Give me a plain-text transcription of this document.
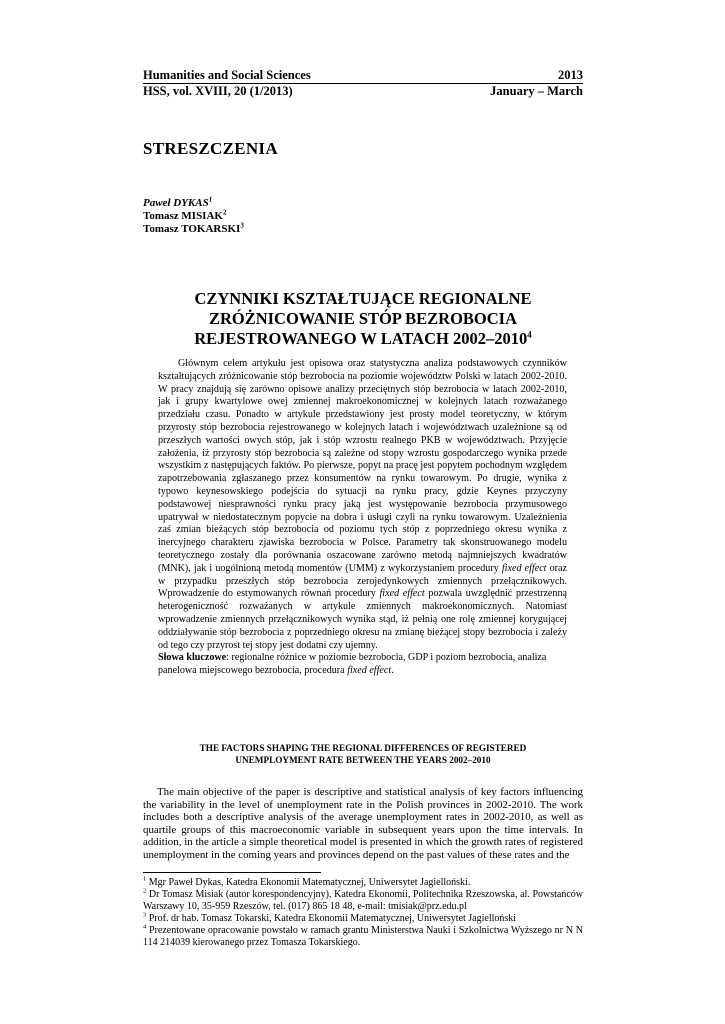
Humanities and Social Sciences	2013
HSS, vol. XVIII, 20 (1/2013)	January – March
STRESZCZENIA
Paweł DYKAS$^1$
Tomasz MISIAK$^2$
Tomasz TOKARSKI$^3$
CZYNNIKI KSZTAŁTUJĄCE REGIONALNE
ZRÓŻNICOWANIE STÓP BEZROBOCIA
REJESTROWANEGO W LATACH 2002–2010$^4$

Głównym celem artykułu jest opisowa oraz statystyczna analiza podstawowych czynników kształtujących zróżnicowanie stóp bezrobocia na poziomie województw Polski w latach 2002-2010. W pracy znajdują się zarówno opisowe analizy przeciętnych stóp bezrobocia w latach 2002-2010, jak i grupy kwartylowe owej zmiennej makroekonomicznej w kolejnych latach rozważanego przedziału czasu. Ponadto w artykule przedstawiony jest prosty model teoretyczny, w którym przyrosty stóp bezrobocia rejestrowanego w kolejnych latach i województwach uzależnione są od przeszłych wartości owych stóp, jak i stóp wzrostu realnego PKB w województwach. Przyjęcie założenia, iż przyrosty stóp bezrobocia są zależne od stopy wzrostu gospodarczego wynika przede wszystkim z następujących faktów. Po pierwsze, popyt na pracę jest popytem pochodnym względem zapotrzebowania zgłaszanego przez konsumentów na rynku towarowym. Po drugie, wynika z typowo keynesowskiego podejścia do sytuacji na rynku pracy, gdzie Keynes przyczyny podstawowej niesprawności rynku pracy jaką jest występowanie bezrobocia przymusowego upatrywał w niedostatecznym popycie na dobra i usługi czyli na rynku towarowym. Uzależnienia zaś zmian bieżących stóp bezrobocia od poziomu tych stóp z poprzedniego okresu wynika z inercyjnego charakteru zjawiska bezrobocia w Polsce. Parametry tak skonstruowanego modelu teoretycznego zostały dla porównania oszacowane zarówno metodą najmniejszych kwadratów (MNK), jak i uogólnioną metodą momentów (UMM) z wykorzystaniem procedury fixed effect oraz w przypadku przeszłych stóp bezrobocia zerojedynkowych zmiennych przełącznikowych. Wprowadzenie do estymowanych równań procedury fixed effect pozwala uwzględnić przestrzenną heterogeniczność rozważanych w artykule zmiennych makroekonomicznych. Natomiast wprowadzenie zmiennych przełącznikowych wynika stąd, iż pełnią one rolę zmiennej korygującej oddziaływanie stóp bezrobocia z poprzedniego okresu na zmianę bieżącej stopy bezrobocia i zależy od tego czy przyrost tej stopy jest dodatni czy ujemny.

Słowa kluczowe: regionalne różnice w poziomie bezrobocia, GDP i poziom bezrobocia, analiza panelowa miejscowego bezrobocia, procedura fixed effect.

THE FACTORS SHAPING THE REGIONAL DIFFERENCES OF REGISTERED
UNEMPLOYMENT RATE BETWEEN THE YEARS 2002–2010

The main objective of the paper is descriptive and statistical analysis of key factors influencing the variability in the level of unemployment rate in the Polish provinces in 2002-2010. The work includes both a descriptive analysis of the average unemployment rates in 2002-2010, as well as quartile groups of this macroeconomic variable in subsequent years upon the time intervals. In addition, in the article a simple theoretical model is presented in which the growth rates of registered unemployment in the coming years and provinces depend on the past values of these rates and the

$^1$ Mgr Paweł Dykas, Katedra Ekonomii Matematycznej, Uniwersytet Jagielloński.

$^2$ Dr Tomasz Misiak (autor korespondencyjny), Katedra Ekonomii, Politechnika Rzeszowska, al. Powstańców Warszawy 10, 35-959 Rzeszów, tel. (017) 865 18 48, e-mail: tmisiak@prz.edu.pl

$^3$ Prof. dr hab. Tomasz Tokarski, Katedra Ekonomii Matematycznej, Uniwersytet Jagielloński

$^4$ Prezentowane opracowanie powstało w ramach grantu Ministerstwa Nauki i Szkolnictwa Wyższego nr N N 114 214039 kierowanego przez Tomasza Tokarskiego.
